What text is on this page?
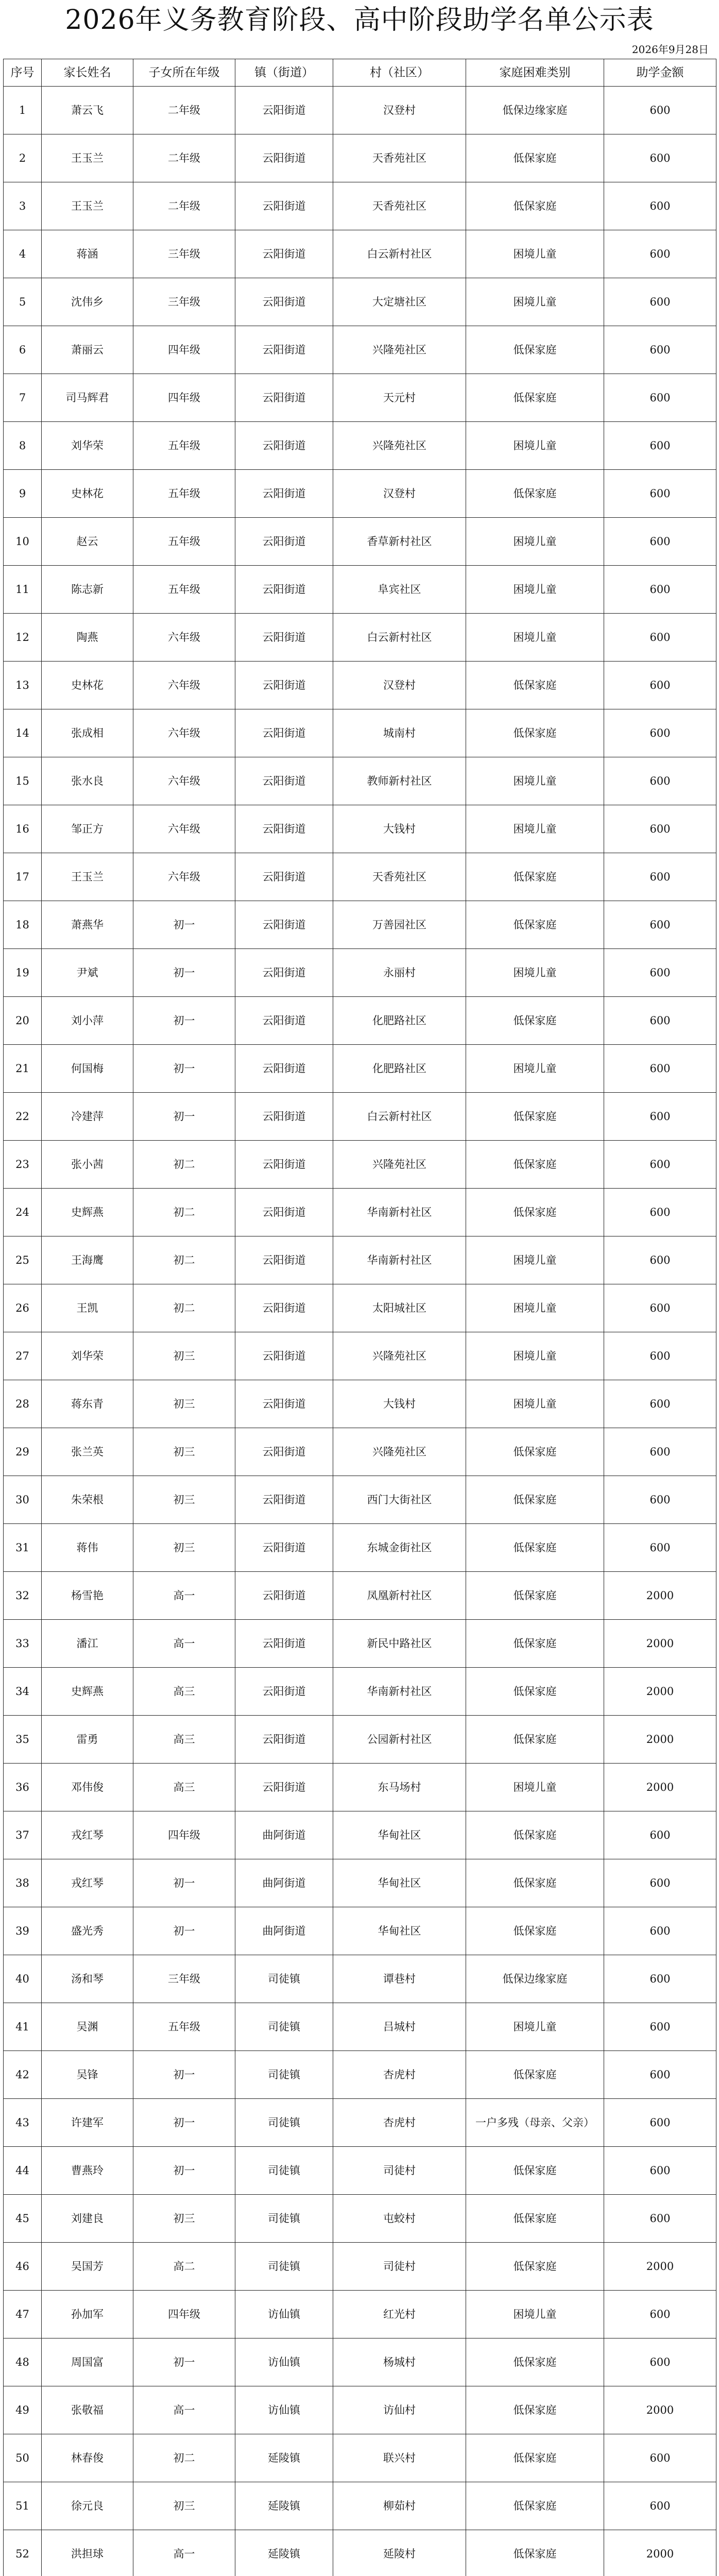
2026年义务教育阶段、高中阶段助学名单公示表
2026年9月28日
序号	家长姓名	子女所在年级	镇（街道）	村（社区）	家庭困难类别	助学金额
1	萧云飞	二年级	云阳街道	汉登村	低保边缘家庭	600
2	王玉兰	二年级	云阳街道	天香苑社区	低保家庭	600
3	王玉兰	二年级	云阳街道	天香苑社区	低保家庭	600
4	蒋涵	三年级	云阳街道	白云新村社区	困境儿童	600
5	沈伟乡	三年级	云阳街道	大定塘社区	困境儿童	600
6	萧丽云	四年级	云阳街道	兴隆苑社区	低保家庭	600
7	司马辉君	四年级	云阳街道	天元村	低保家庭	600
8	刘华荣	五年级	云阳街道	兴隆苑社区	困境儿童	600
9	史林花	五年级	云阳街道	汉登村	低保家庭	600
10	赵云	五年级	云阳街道	香草新村社区	困境儿童	600
11	陈志新	五年级	云阳街道	阜宾社区	困境儿童	600
12	陶燕	六年级	云阳街道	白云新村社区	困境儿童	600
13	史林花	六年级	云阳街道	汉登村	低保家庭	600
14	张成相	六年级	云阳街道	城南村	低保家庭	600
15	张水良	六年级	云阳街道	教师新村社区	困境儿童	600
16	邹正方	六年级	云阳街道	大钱村	困境儿童	600
17	王玉兰	六年级	云阳街道	天香苑社区	低保家庭	600
18	萧燕华	初一	云阳街道	万善园社区	低保家庭	600
19	尹斌	初一	云阳街道	永丽村	困境儿童	600
20	刘小萍	初一	云阳街道	化肥路社区	低保家庭	600
21	何国梅	初一	云阳街道	化肥路社区	困境儿童	600
22	冷建萍	初一	云阳街道	白云新村社区	低保家庭	600
23	张小茜	初二	云阳街道	兴隆苑社区	低保家庭	600
24	史辉燕	初二	云阳街道	华南新村社区	低保家庭	600
25	王海鹰	初二	云阳街道	华南新村社区	困境儿童	600
26	王凯	初二	云阳街道	太阳城社区	困境儿童	600
27	刘华荣	初三	云阳街道	兴隆苑社区	困境儿童	600
28	蒋东青	初三	云阳街道	大钱村	困境儿童	600
29	张兰英	初三	云阳街道	兴隆苑社区	低保家庭	600
30	朱荣根	初三	云阳街道	西门大街社区	低保家庭	600
31	蒋伟	初三	云阳街道	东城金街社区	低保家庭	600
32	杨雪艳	高一	云阳街道	凤凰新村社区	低保家庭	2000
33	潘江	高一	云阳街道	新民中路社区	低保家庭	2000
34	史辉燕	高三	云阳街道	华南新村社区	低保家庭	2000
35	雷勇	高三	云阳街道	公园新村社区	低保家庭	2000
36	邓伟俊	高三	云阳街道	东马场村	困境儿童	2000
37	戎红琴	四年级	曲阿街道	华甸社区	低保家庭	600
38	戎红琴	初一	曲阿街道	华甸社区	低保家庭	600
39	盛光秀	初一	曲阿街道	华甸社区	低保家庭	600
40	汤和琴	三年级	司徒镇	谭巷村	低保边缘家庭	600
41	吴渊	五年级	司徒镇	吕城村	困境儿童	600
42	吴锋	初一	司徒镇	杏虎村	低保家庭	600
43	许建军	初一	司徒镇	杏虎村	一户多残（母亲、父亲）	600
44	曹燕玲	初一	司徒镇	司徒村	低保家庭	600
45	刘建良	初三	司徒镇	屯蛟村	低保家庭	600
46	吴国芳	高二	司徒镇	司徒村	低保家庭	2000
47	孙加军	四年级	访仙镇	红光村	困境儿童	600
48	周国富	初一	访仙镇	杨城村	低保家庭	600
49	张敬福	高一	访仙镇	访仙村	低保家庭	2000
50	林春俊	初二	延陵镇	联兴村	低保家庭	600
51	徐元良	初三	延陵镇	柳茹村	低保家庭	600
52	洪担球	高一	延陵镇	延陵村	低保家庭	2000
